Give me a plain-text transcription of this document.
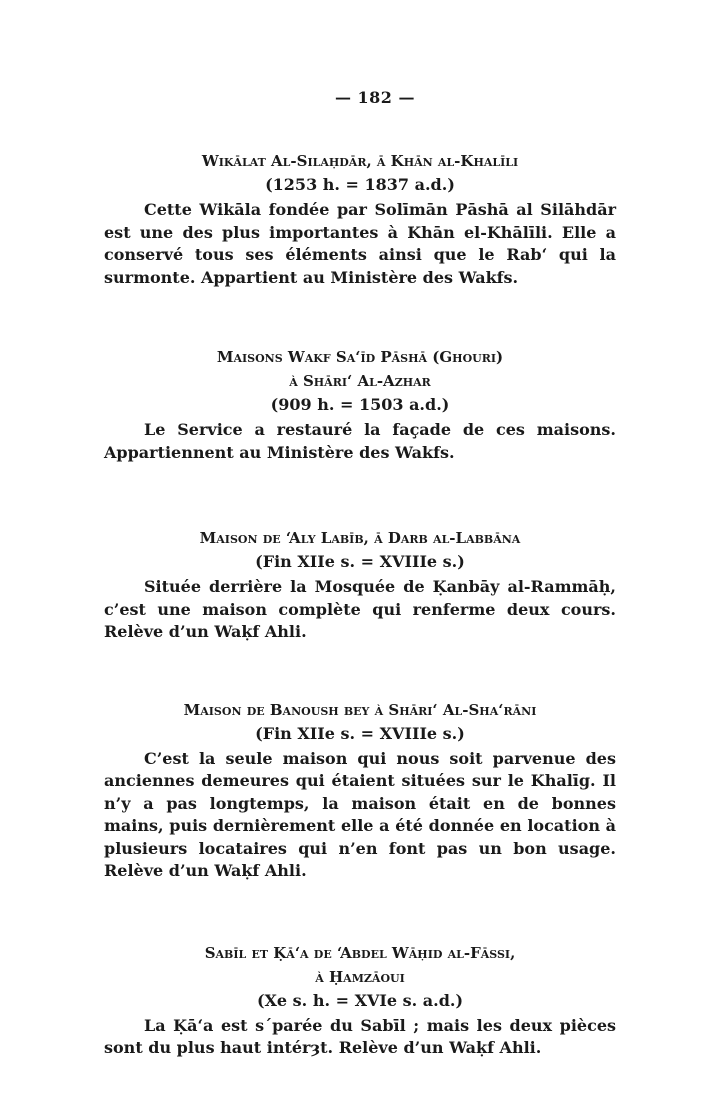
— 182 —

Wikālat Al-Silaḥdār, ā Khān al-Khalīli

(1253 h. = 1837 a.d.)

Cette Wikāla fondée par Solīmān Pāshā al Silāhdār est une des plus importantes à Khān el-Khālīli. Elle a conservé tous ses éléments ainsi que le Rab‘ qui la surmonte. Appartient au Ministère des Wakfs.

Maisons Wakf Sa‘īd Pāshā (Ghouri)

à Shāri‘ Al-Azhar

(909 h. = 1503 a.d.)

Le Service a restauré la façade de ces maisons. Appartiennent au Ministère des Wakfs.

Maison de ‘Aly Labīb, ā Darb al-Labbāna

(Fin XIIe s. = XVIIIe s.)

Située derrière la Mosquée de Ḳanbāy al-Rammāḥ, c’est une maison complète qui renferme deux cours. Relève d’un Waḳf Ahli.

Maison de Banoush bey à Shāri‘ Al-Sha‘rāni

(Fin XIIe s. = XVIIIe s.)

C’est la seule maison qui nous soit parvenue des anciennes demeures qui étaient situées sur le Khalīg. Il n’y a pas longtemps, la maison était en de bonnes mains, puis dernièrement elle a été donnée en location à plusieurs locataires qui n’en font pas un bon usage. Relève d’un Waḳf Ahli.

Sabīl et Ḳā‘a de ‘Abdel Wāḥid al-Fāssi,

à Ḥamzāoui

(Xe s. h. = XVIe s. a.d.)

La Ḳā‘a est s´parée du Sabīl ; mais les deux pièces sont du plus haut intérȝt. Relève d’un Waḳf Ahli.
